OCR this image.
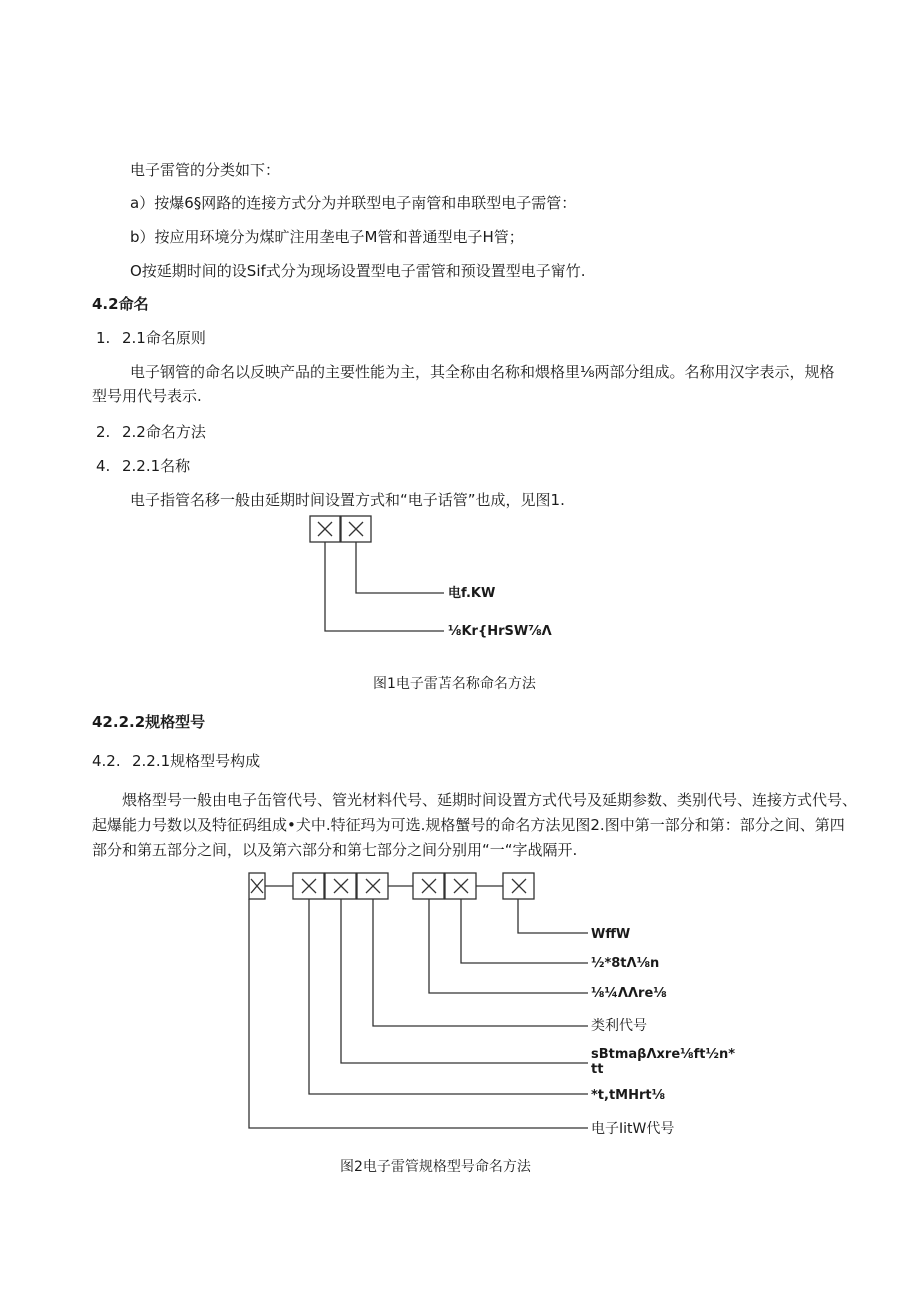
电子雷管的分类如下：
a）按爆6§网路的连接方式分为并联型电子南管和串联型电子需管：
b）按应用环境分为煤旷注用垄电子M管和普通型电子H管；
O按延期时间的设Sif式分为现场设置型电子雷管和预设置型电子甯竹.
4.2命名
1. 2.1命名原则
电子钢管的命名以反映产品的主要性能为主，其全称由名称和煨格里⅛两部分组成。名称用汉字表示，规格
型号用代号表示.
2. 2.2命名方法
4. 2.2.1名称
电子指管名移一般由延期时间设置方式和“电子话管”也成，见图1.
电f.KW
⅛Kr{HrSW⅞Λ
图1电子雷苫名称命名方法
42.2.2规格型号
4.2. 2.2.1规格型号构成
煨格型号一般由电子缶管代号、管光材料代号、延期时间设置方式代号及延期参数、类别代号、连接方式代号、
起爆能力号数以及特征码组成•犬中.特征玛为可选.规格蟹号的命名方法见图2.图中第一部分和第：部分之间、第四
部分和第五部分之间，以及第六部分和第七部分之间分别用“一“字战隔开.
WffW
½*8tΛ⅛n
⅛¼ΛΛre⅛
类利代号
sBtmaβΛxre⅛ft½n*
tt
*t,tMHrt⅛
电子IitW代号
图2电子雷管规格型号命名方法
